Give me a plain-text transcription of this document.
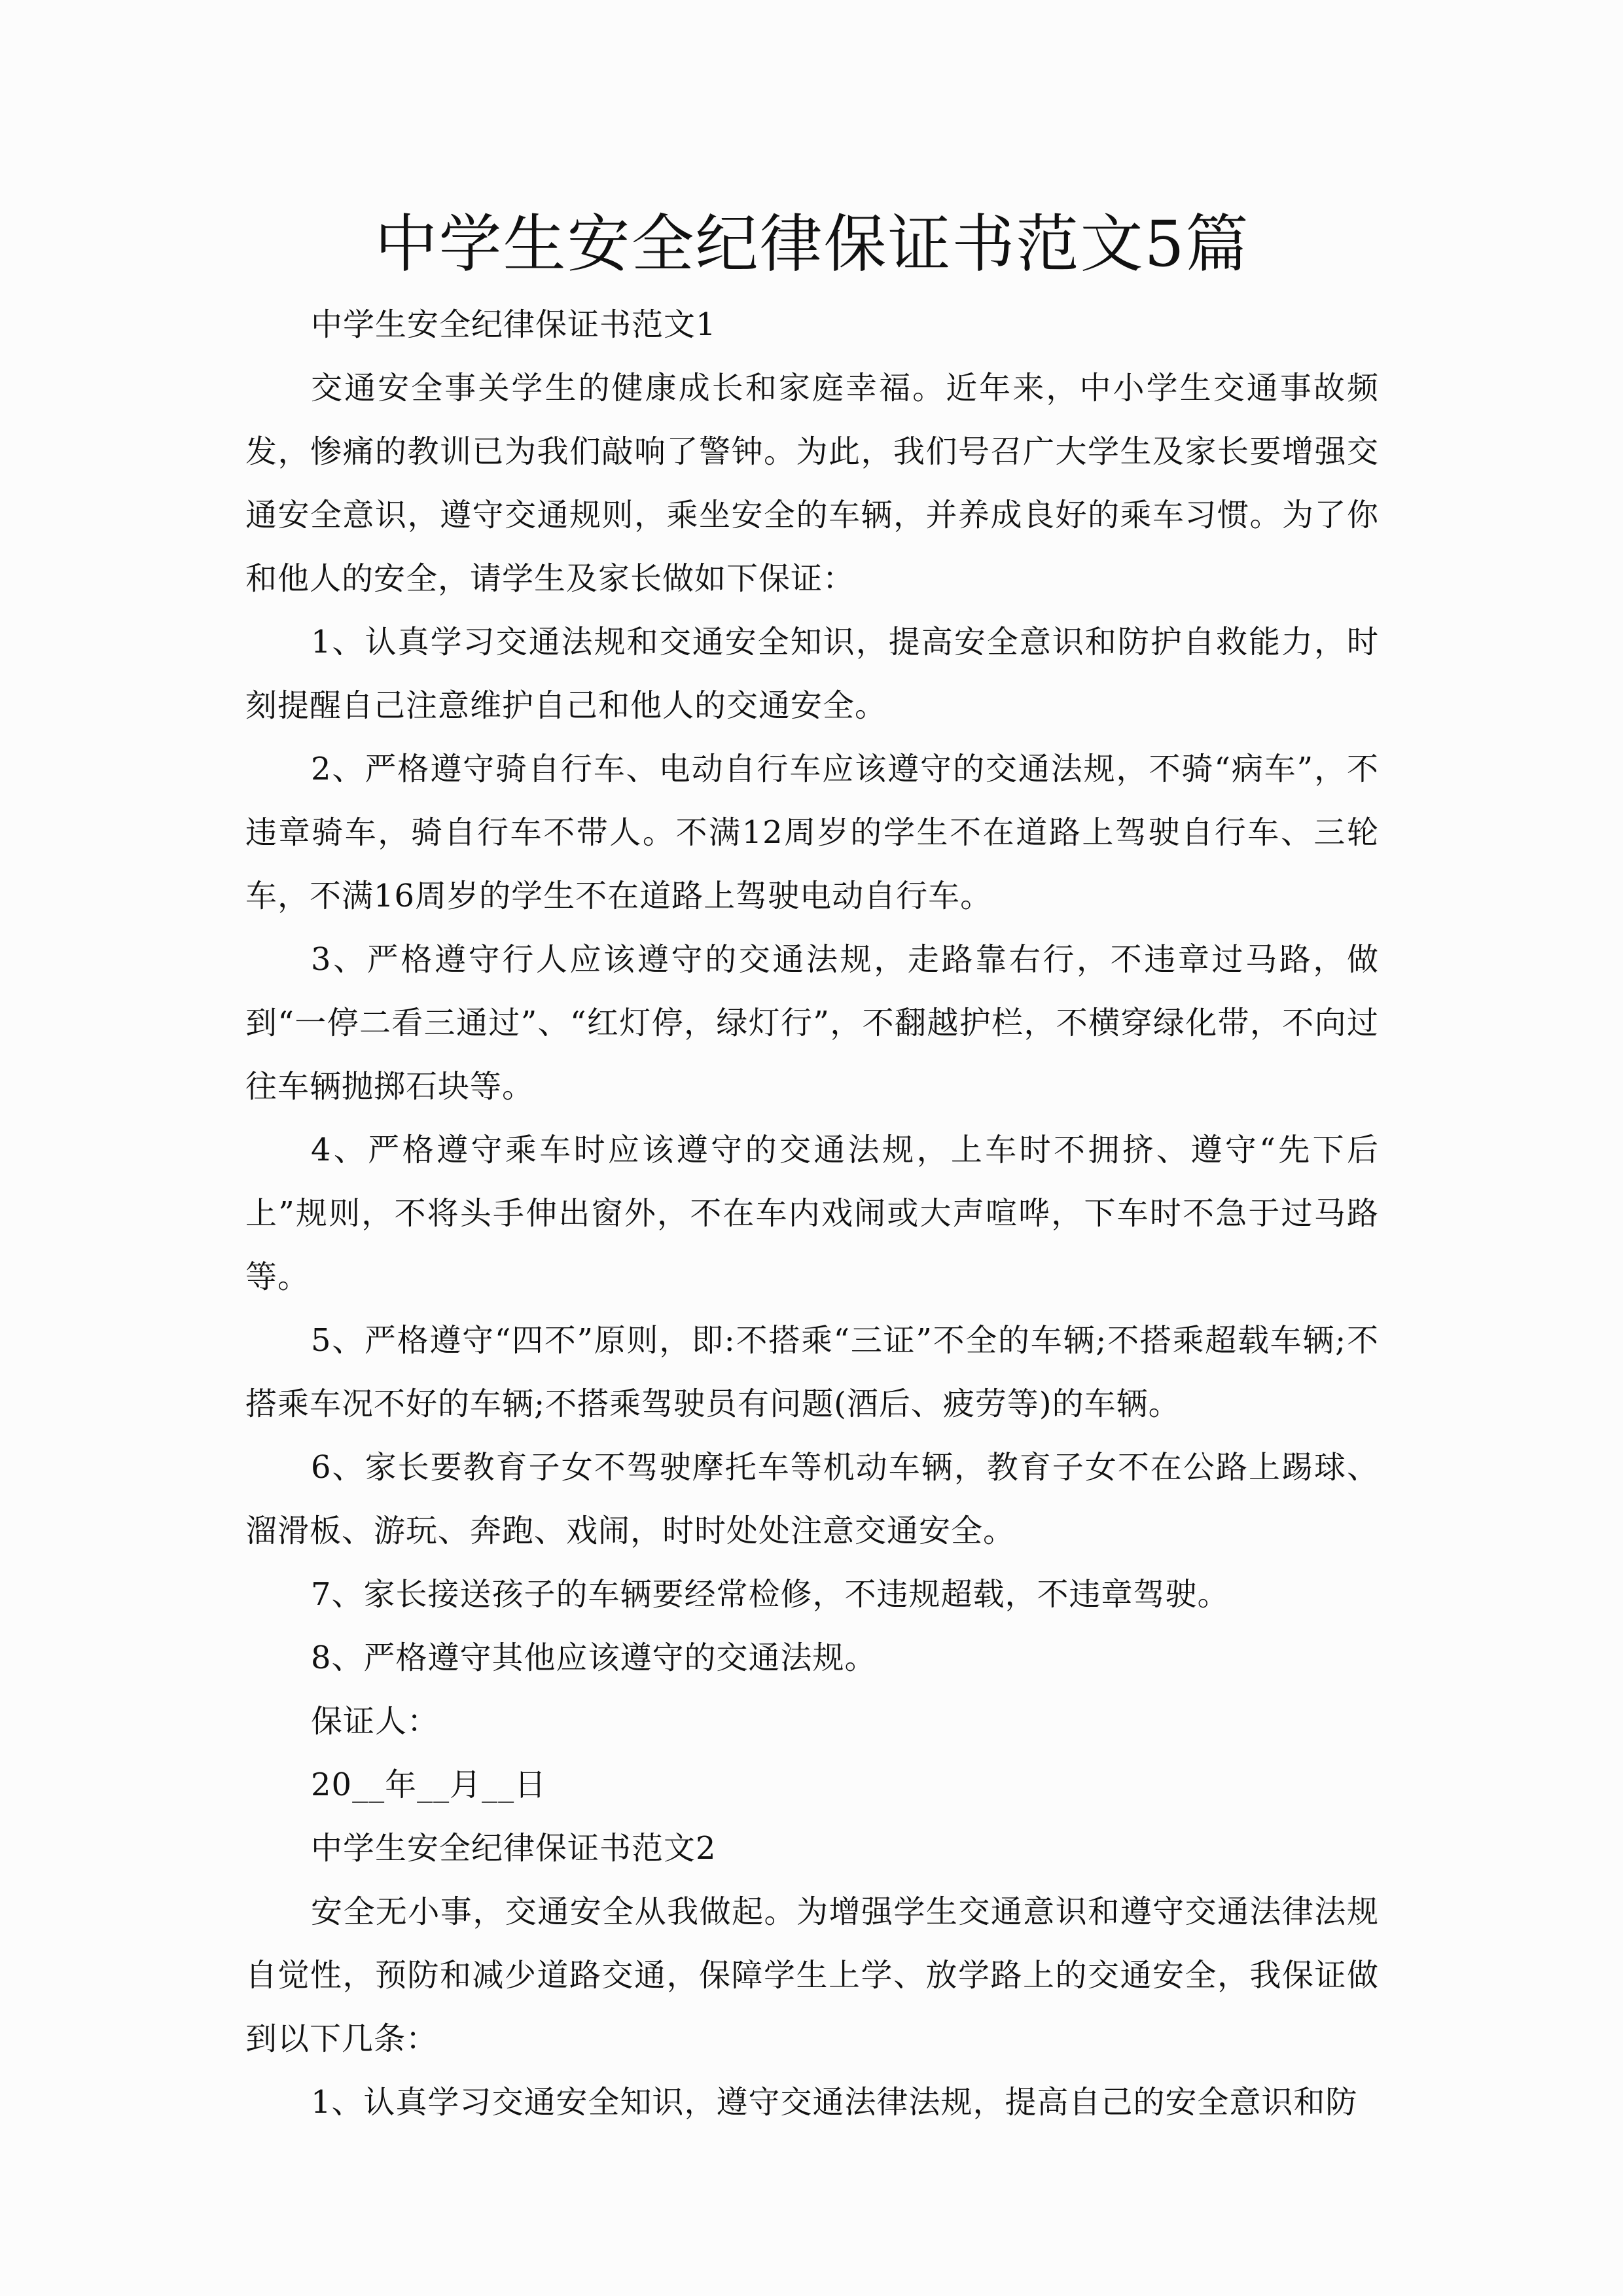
中学生安全纪律保证书范文5篇

中学生安全纪律保证书范文1

交通安全事关学生的健康成长和家庭幸福。近年来，中小学生交通事故频发，惨痛的教训已为我们敲响了警钟。为此，我们号召广大学生及家长要增强交通安全意识，遵守交通规则，乘坐安全的车辆，并养成良好的乘车习惯。为了你和他人的安全，请学生及家长做如下保证：

1、认真学习交通法规和交通安全知识，提高安全意识和防护自救能力，时刻提醒自己注意维护自己和他人的交通安全。

2、严格遵守骑自行车、电动自行车应该遵守的交通法规，不骑“病车”，不违章骑车，骑自行车不带人。不满12周岁的学生不在道路上驾驶自行车、三轮车，不满16周岁的学生不在道路上驾驶电动自行车。

3、严格遵守行人应该遵守的交通法规，走路靠右行，不违章过马路，做到“一停二看三通过”、“红灯停，绿灯行”，不翻越护栏，不横穿绿化带，不向过往车辆抛掷石块等。

4、严格遵守乘车时应该遵守的交通法规，上车时不拥挤、遵守“先下后上”规则，不将头手伸出窗外，不在车内戏闹或大声喧哗，下车时不急于过马路等。

5、严格遵守“四不”原则，即:不搭乘“三证”不全的车辆;不搭乘超载车辆;不搭乘车况不好的车辆;不搭乘驾驶员有问题(酒后、疲劳等)的车辆。

6、家长要教育子女不驾驶摩托车等机动车辆，教育子女不在公路上踢球、溜滑板、游玩、奔跑、戏闹，时时处处注意交通安全。

7、家长接送孩子的车辆要经常检修，不违规超载，不违章驾驶。

8、严格遵守其他应该遵守的交通法规。

保证人：

20__年__月__日

中学生安全纪律保证书范文2

安全无小事，交通安全从我做起。为增强学生交通意识和遵守交通法律法规自觉性，预防和减少道路交通，保障学生上学、放学路上的交通安全，我保证做到以下几条：

1、认真学习交通安全知识，遵守交通法律法规，提高自己的安全意识和防
